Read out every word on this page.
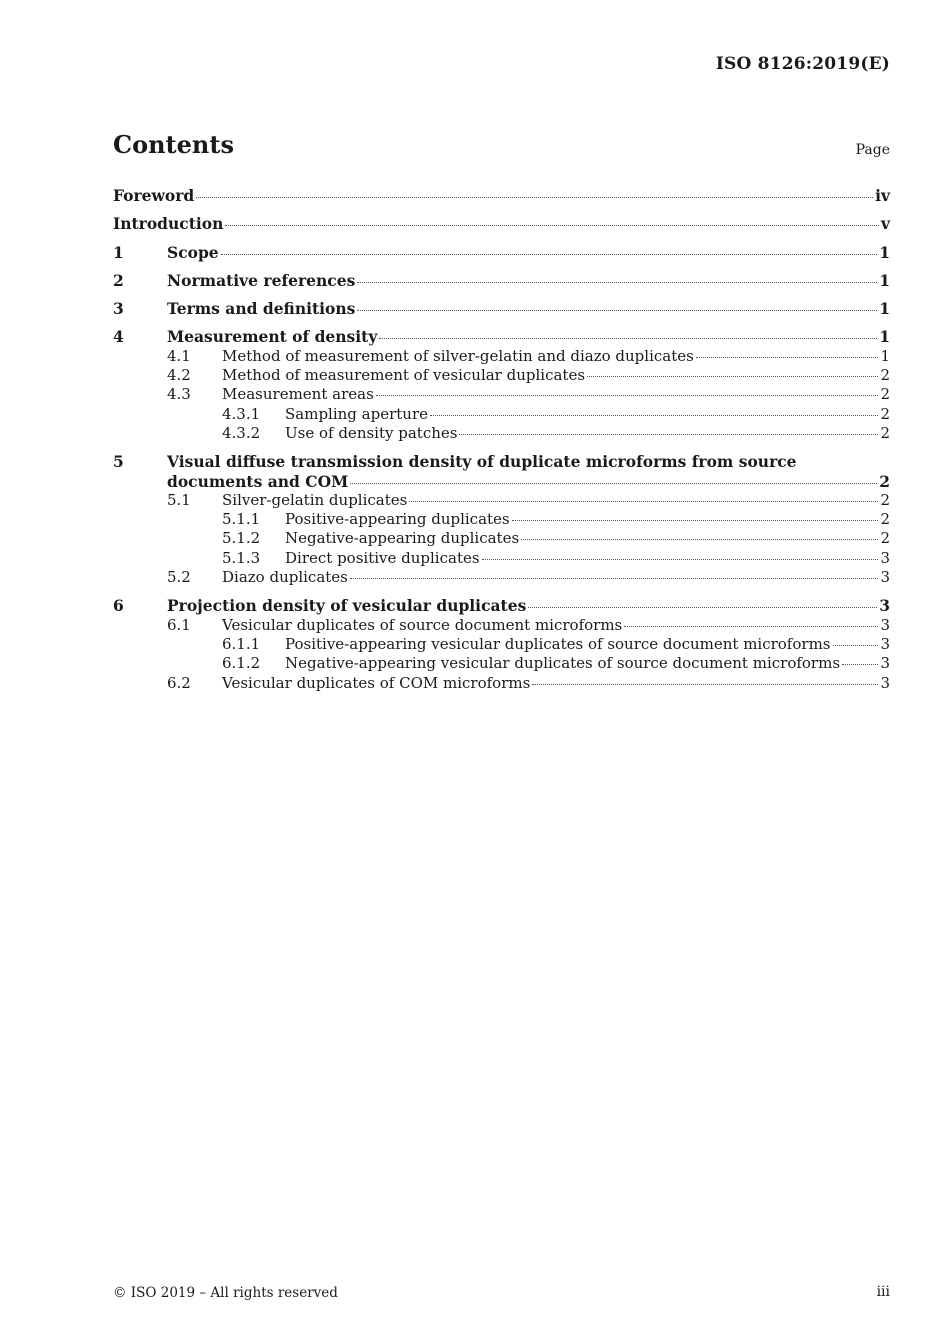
ISO 8126:2019(E)
Contents	Page
Foreword	iv
Introduction	v
1	Scope	1
2	Normative references	1
3	Terms and definitions	1
4	Measurement of density	1
4.1	Method of measurement of silver-gelatin and diazo duplicates	1
4.2	Method of measurement of vesicular duplicates	2
4.3	Measurement areas	2
4.3.1	Sampling aperture	2
4.3.2	Use of density patches	2
5	Visual diffuse transmission density of duplicate microforms from source
documents and COM	2
5.1	Silver-gelatin duplicates	2
5.1.1	Positive-appearing duplicates	2
5.1.2	Negative-appearing duplicates	2
5.1.3	Direct positive duplicates	3
5.2	Diazo duplicates	3
6	Projection density of vesicular duplicates	3
6.1	Vesicular duplicates of source document microforms	3
6.1.1	Positive-appearing vesicular duplicates of source document microforms	3
6.1.2	Negative-appearing vesicular duplicates of source document microforms	3
6.2	Vesicular duplicates of COM microforms	3
© ISO 2019 – All rights reserved	iii
